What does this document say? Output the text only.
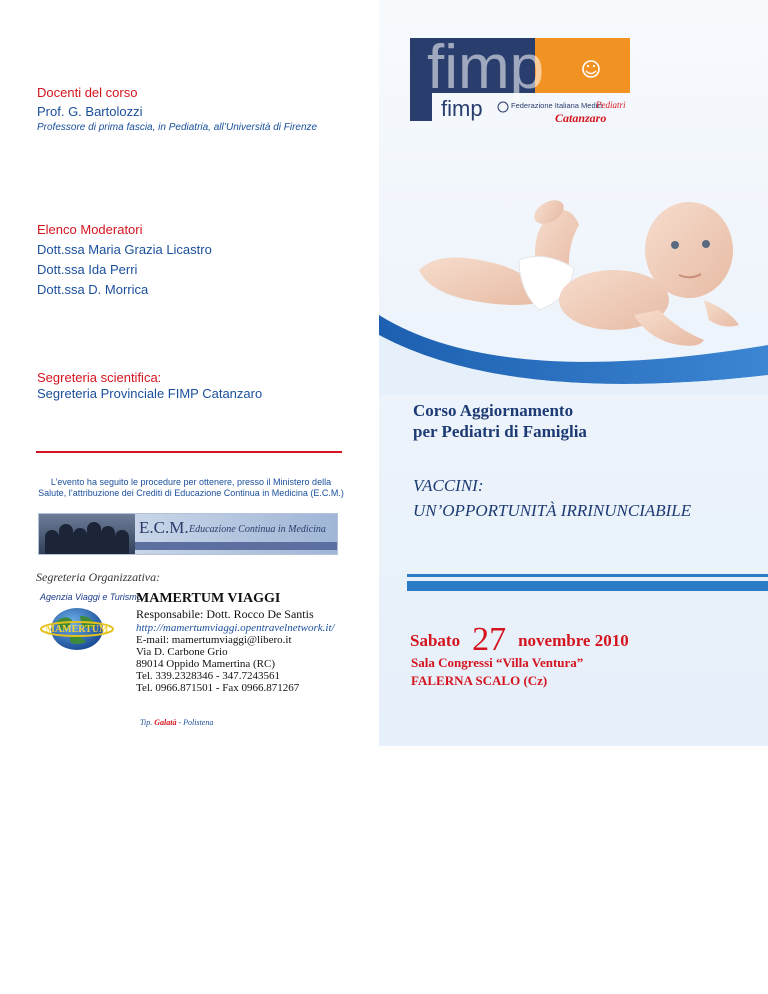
Docenti del corso
Prof. G. Bartolozzi
Professore di prima fascia, in Pediatria, all’Università di Firenze
Elenco Moderatori
Dott.ssa Maria Grazia Licastro
Dott.ssa Ida Perri
Dott.ssa D. Morrica
Segreteria scientifica:
Segreteria Provinciale FIMP Catanzaro
L’evento ha seguito le procedure per ottenere, presso il Ministero della
Salute, l’attribuzione dei Crediti di Educazione Continua in Medicina (E.C.M.)
E.C.M. Educazione Continua in Medicina
Segreteria Organizzativa:
Agenzia Viaggi e Turismo
MAMERTUM
MAMERTUM VIAGGI
Responsabile: Dott. Rocco De Santis
http://mamertumviaggi.opentravelnetwork.it/
E-mail: mamertumviaggi@libero.it
Via D. Carbone Grio
89014 Oppido Mamertina (RC)
Tel. 339.2328346 - 347.7243561
Tel. 0966.871501 - Fax 0966.871267
Tip. Galatà - Polistena
fimp
fimp	Federazione Italiana Medici
Pediatri
Catanzaro
Corso Aggiornamento
per Pediatri di Famiglia
VACCINI:
UN’OPPORTUNITÀ IRRINUNCIABILE
Sabato 27 novembre 2010
Sala Congressi “Villa Ventura”
FALERNA SCALO (Cz)
